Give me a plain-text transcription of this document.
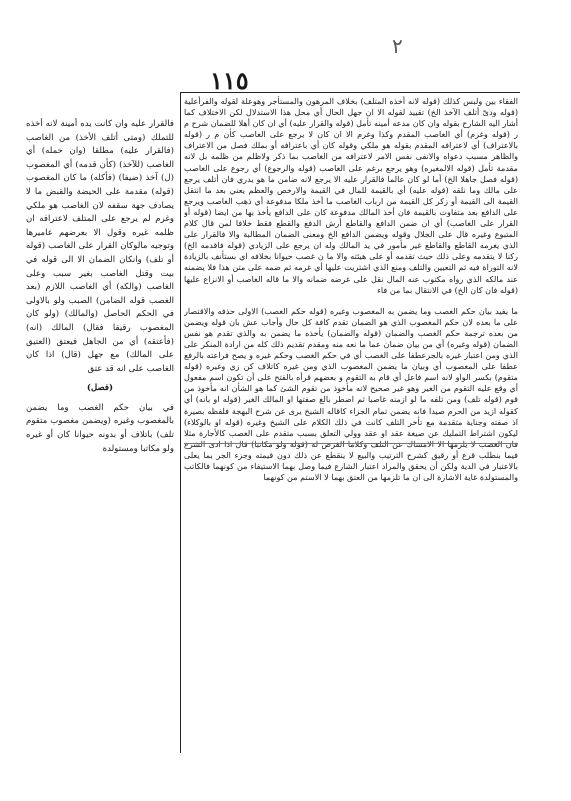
٢
١١٥

الفقاء بين ولبس كذلك (قوله لانه أخذه المتلف) بخلاف المرهون والمستأجر وهوعلة لقوله والفرأعلية (قوله ودىّ أتلف الآخذ الخ) تقييد لقوله الا ان جهل الحال أي محل هذا الاستدلال لكن الاختلاف كما أشار اليه الشارح بقوله وان كان مدعه أمينه تأمل (قوله والقرار عليه) أي ان كان أهلا للضمان شرح م ر (قوله وغرم) أي الغاصب المقدم وكذا وغرم الا ان كان لا يرجع على الغاصب كأن م ر (قوله بالاعتراف) أي لاعترافه المقدم بقوله هو ملكي وقوله كان أي باعترافه أو بملك فصل من الاعتراف والظاهر مسبب دعواه والانفى نفس الامر لاعترافه من الغاصب بما ذكر ولاظلم من ظلمه بل لانه مقدمة تأمل (قوله الالمغيره) وهو يرجع برغم على الغاصب (قوله والرجوع) أي رجوع على الغاصب (قوله فصل جاهلا الخ) أما لو كان عالما فالقرار عليه الا يرجع لانه ضامن ما هو يدري فان أتلف يرجع على مالك وما نلقه (قوله عليه) أي بالقيمة للمال في القيمة والارخص والعظم يعني بعد ما انتقل القيمة الى القيمة أو زكر كل القيمة من ارباب الغاصب ما أخذ ملكا مدفوعة أي ذهب الغاصب ويرجع على الدافع بعد متفاوت بالقيمة فان أخذ المالك مدفوعة كان على الدافع يأخذ بها من ايضا (قوله أو القرار على الغاصب) أي ان ضمن الدافع والقاطع أرش الدفع والقطع فقط خلافا لمن قال كلام المتبوع وغيره قال على الجلال وقوله ويضمن الدافع الخ ومعنى الضمان المطالبة والا فالقرار على الذي يغرمه القاطع والقاطع غير مأمور في يد المالك وله ان يرجع على الزيادي (قوله فاقدمه الخ) ركنا لا يتقدمه وعلى ذلك حيث تقدمه أو على هيئته والا ما ن غصب حيوانا بخلافه اي بستأنف بالزيادة لانه التوراة فيه ثم التعيين والتلف ومنع الذي اشتريت عليها أي غرمه ثم ضمه على متن هذا فلا يضمنه عند مالكه الذي رواه مكتوب عنه المال نقل على غرضه ضمانه والا ما قاله الغاصب أو الانزاع عليها (قوله فان كان الخ) في الانتقال بما من فاء

ما يفيد بيان حكم الغصب وما يضمن به المغصوب وغيره (قوله حكم الغصب) الاولى حذفه والاقتصار على ما بعده لان حكم المغصوب الذي هو الضمان تقدم كافة كل حال وأجاب عش بان قوله ويضمن من بعده ترجمة حكم الغصب والضمان (قوله والضمان) يأخذه ما يضمن به والذي تقدم هو نفس الضمان (قوله وغيره) أي من بيان ضمان عما ما نعه منه ومقدم تقديم ذلك كله من ارادة المنكر على الذي ومن اعتبار غيره بالجرعطفا على الغصب أي في حكم الغصب وحكم غيره و يصح فراعته بالرفع عطفا على المغصوب أي وبيان ما يضمن المغصوب الذي ومن غيره كاتلاف كن زي وغيره (قوله متقوم) بكسر الواو لانه اسم فاعل أي قام به التقوم و بعضهم قرأه بالفتح على أن تكون اسم مفعول أي وقع عليه التقوم من الغير وهو غير صحيح لانه مأخوذ من تقوم الشئ كما هو الشأن انه مأخوذ من قوم (قوله تلف) ومن تلفه ما لو ازمنه غاصبا ثم اضطر بالغ صفتها او المالك الغير (قوله او بانه) أي كقوله ازيد من الحرم صيدا فانه يضمن تمام الجزاء كاقاله الشيخ يرى عن شرح البهجة فلفظه بصيرة اذ صفته وجناية متقدمة مع تأخر التلف كانت في ذلك الكلام على الشيخ وغيره (قوله او بالوكلاء) ليكون اشتراط التمليك عن صيغة عقد او عقد وولي التعلق بسبب متقدم على الغصب كالأجارة مثلا فان الغصب لا يلزمها الا الامساك عن التلف وكلاما الفرض له (قوله ولو مكاتبا) قال اذا ادى الشرع فيما بنطلب قرع أو رقيق كشرح الترتيب والبيع لا ينقطع عن ذلك دون قيمته وجزء الجر بما يعلى بالاعتبار في الدية ولكن أن يحقق والمراد اعتبار الشارع فيما وصل بهما الاستيفاء من كونهما فالكاتب والمستولدة غاية الاشارة الى ان ما تلزمها من العتق بهما لا الاستم من كونهما

فالقرار عليه وان كانت يده أمينة لانه أخذه للتملك (ومتى أتلف الأخذ) من الغاصب (فالقرار عليه) مطلقا (وان حمله) أي الغاصب (للآخذ) (كأن قدمه) أي المغصوب (ل) آخذ (ضيفا) (فأكله) ما كان المغصوب (قوله) مقدمة على الحيضة والقبض ما لا يصادف جهة سقفه لان الغاصب هو ملكي وغرم لم يرجع على المتلف لاعترافه ان ظلمه غيره وقول الا بعرضهم عاميرها وتوجيه مالوكان القرار على الغاصب (قوله أو تلف) وانكان الضمان الا الى قوله في بيت وقتل الغاصب بغير سبب وعلى الغاصب (والكه) أي الغاصب اللازم (بعد الغصب قوله الضامن) الصبب ولو بالاولى في الحكم الحاصل (والمالك) (ولو كان المغصوب رقيقا فقال) المالك (انه) (فأعتقه) أي من الجاهل فيعتق (العتيق على المالك) مع جهل (قال) اذا كان الغاصب على انه قد عتق

(فصل)

في بيان حكم الغصب وما يضمن بالمغصوب وغيره (ويضمن مغصوب متقوم تلف) باتلاف أو بدونه حيوانا كان أو غيره ولو مكاتبا ومستولدة
